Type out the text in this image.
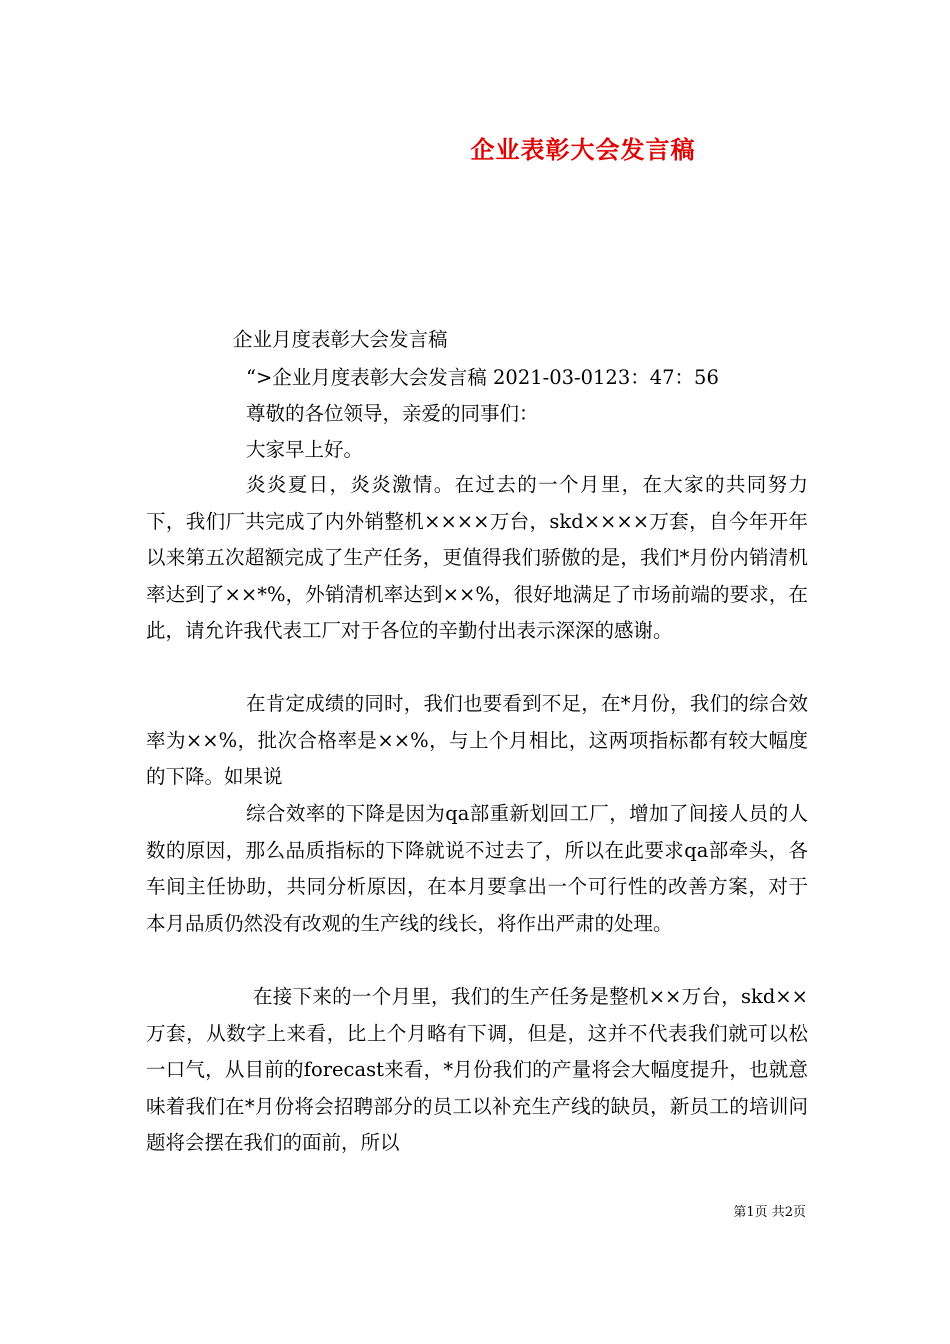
企业表彰大会发言稿

企业月度表彰大会发言稿

“>企业月度表彰大会发言稿 2021-03-0123：47：56

尊敬的各位领导，亲爱的同事们：

大家早上好。

炎炎夏日，炎炎激情。在过去的一个月里，在大家的共同努力下，我们厂共完成了内外销整机××××万台，skd××××万套，自今年开年以来第五次超额完成了生产任务，更值得我们骄傲的是，我们*月份内销清机率达到了××*%，外销清机率达到××%，很好地满足了市场前端的要求，在此，请允许我代表工厂对于各位的辛勤付出表示深深的感谢。

在肯定成绩的同时，我们也要看到不足，在*月份，我们的综合效率为××%，批次合格率是××%，与上个月相比，这两项指标都有较大幅度的下降。如果说

综合效率的下降是因为qa部重新划回工厂，增加了间接人员的人数的原因，那么品质指标的下降就说不过去了，所以在此要求qa部牵头，各车间主任协助，共同分析原因，在本月要拿出一个可行性的改善方案，对于本月品质仍然没有改观的生产线的线长，将作出严肃的处理。

在接下来的一个月里，我们的生产任务是整机××万台，skd××万套，从数字上来看，比上个月略有下调，但是，这并不代表我们就可以松一口气，从目前的forecast来看，*月份我们的产量将会大幅度提升，也就意味着我们在*月份将会招聘部分的员工以补充生产线的缺员，新员工的培训问题将会摆在我们的面前，所以

第1页 共2页
